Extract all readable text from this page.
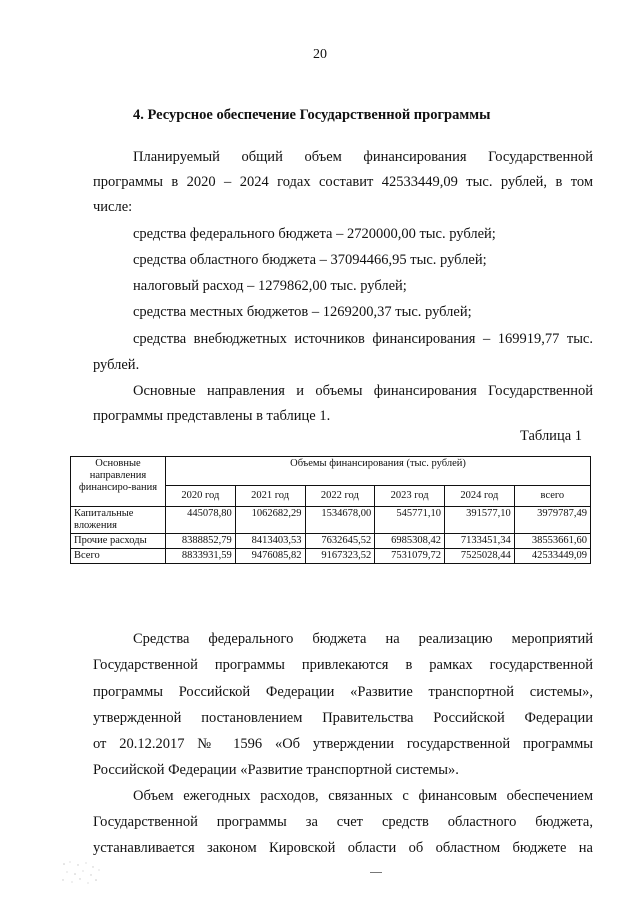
20
4. Ресурсное обеспечение Государственной программы
Планируемый общий объем финансирования Государственной
программы в 2020 – 2024 годах составит 42533449,09 тыс. рублей, в том
числе:
средства федерального бюджета – 2720000,00 тыс. рублей;
средства областного бюджета – 37094466,95 тыс. рублей;
налоговый расход – 1279862,00 тыс. рублей;
средства местных бюджетов – 1269200,37 тыс. рублей;
средства внебюджетных источников финансирования – 169919,77 тыс.
рублей.
Основные направления и объемы финансирования Государственной
программы представлены в таблице 1.
Таблица 1
Основные направления финансиро-вания	Объемы финансирования (тыс. рублей)					
	2020 год	2021 год	2022 год	2023 год	2024 год	всего
Капитальные вложения	445078,80	1062682,29	1534678,00	545771,10	391577,10	3979787,49
Прочие расходы	8388852,79	8413403,53	7632645,52	6985308,42	7133451,34	38553661,60
Всего	8833931,59	9476085,82	9167323,52	7531079,72	7525028,44	42533449,09
Средства федерального бюджета на реализацию мероприятий
Государственной программы привлекаются в рамках государственной
программы Российской Федерации «Развитие транспортной системы»,
утвержденной постановлением Правительства Российской Федерации
от 20.12.2017 № 1596 «Об утверждении государственной программы
Российской Федерации «Развитие транспортной системы».
Объем ежегодных расходов, связанных с финансовым обеспечением
Государственной программы за счет средств областного бюджета,
устанавливается законом Кировской области об областном бюджете на
